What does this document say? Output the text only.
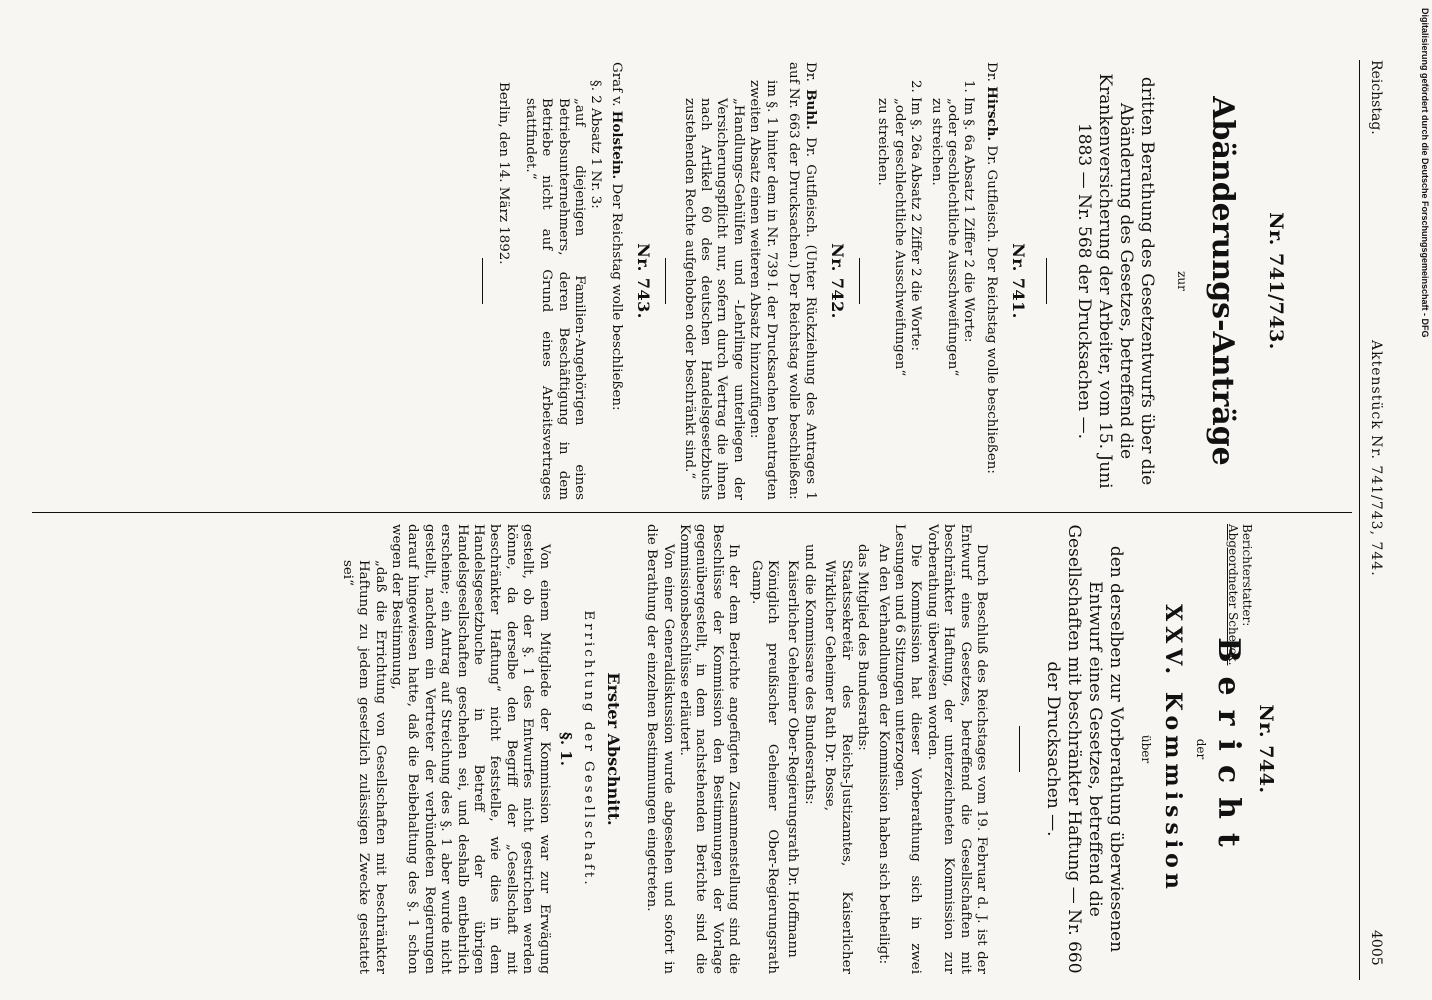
Reichstag.
Aktenstück Nr. 741/743, 744.
4005
Nr. 741/743.
Abänderungs-Anträge
zur
dritten Berathung des Gesetzentwurfs über die Abänderung des Gesetzes, betreffend die Krankenversicherung der Arbeiter, vom 15. Juni 1883 — Nr. 568 der Drucksachen —.
Nr. 741.

Dr. Hirsch. Dr. Gutfleisch. Der Reichstag wolle beschließen:

1. Im §. 6a Absatz 1 Ziffer 2 die Worte:

„oder geschlechtliche Ausschweifungen“

zu streichen.

2. Im §. 26a Absatz 2 Ziffer 2 die Worte:

„oder geschlechtliche Ausschweifungen“

zu streichen.

Nr. 742.

Dr. Buhl. Dr. Gutfleisch. (Unter Rückziehung des Antrages 1 auf Nr. 663 der Drucksachen.) Der Reichstag wolle beschließen:

im §. 1 hinter dem in Nr. 739 I. der Drucksachen beantragten zweiten Absatz einen weiteren Absatz hinzuzufügen:

„Handlungs-Gehülfen und -Lehrlinge unterliegen der Versicherungspflicht nur, sofern durch Vertrag die ihnen nach Artikel 60 des deutschen Handelsgesetzbuchs zustehenden Rechte aufgehoben oder beschränkt sind.“

Nr. 743.

Graf v. Holstein. Der Reichstag wolle beschließen:

§. 2 Absatz 1 Nr. 3:

„auf diejenigen Familien-Angehörigen eines Betriebsunternehmers, deren Beschäftigung in dem Betriebe nicht auf Grund eines Arbeitsvertrages stattfindet.“

Berlin, den 14. März 1892.

Berichterstatter:
Abgeordneter Scherck.
Nr. 744.
Bericht
der
XXV. Kommission
über
den derselben zur Vorberathung überwiesenen Entwurf eines Gesetzes, betreffend die Gesellschaften mit beschränkter Haftung — Nr. 660 der Drucksachen —.

Durch Beschluß des Reichstages vom 19. Februar d. J. ist der Entwurf eines Gesetzes, betreffend die Gesellschaften mit beschränkter Haftung, der unterzeichneten Kommission zur Vorberathung überwiesen worden.

Die Kommission hat dieser Vorberathung sich in zwei Lesungen und 6 Sitzungen unterzogen.

An den Verhandlungen der Kommission haben sich betheiligt:

das Mitglied des Bundesraths:

Staatssekretär des Reichs-Justizamtes, Kaiserlicher Wirklicher Geheimer Rath Dr. Bosse,

und die Kommissare des Bundesraths:

Kaiserlicher Geheimer Ober-Regierungsrath Dr. Hoffmann

Königlich preußischer Geheimer Ober-Regierungsrath Gamp.

In der dem Berichte angefügten Zusammenstellung sind die Beschlüsse der Kommission den Bestimmungen der Vorlage gegenübergestellt, in dem nachstehenden Berichte sind die Kommissionsbeschlüsse erläutert.

Von einer Generaldiskussion wurde abgesehen und sofort in die Berathung der einzelnen Bestimmungen eingetreten.

Erster Abschnitt.
Errichtung der Gesellschaft.
§. 1.

Von einem Mitgliede der Kommission war zur Erwägung gestellt, ob der §. 1 des Entwurfes nicht gestrichen werden könne, da derselbe den Begriff der „Gesellschaft mit beschränkter Haftung“ nicht feststelle, wie dies in dem Handelsgesetzbuche in Betreff der übrigen Handelsgesellschaften geschehen sei, und deshalb entbehrlich erscheine; ein Antrag auf Streichung des §. 1 aber wurde nicht gestellt, nachdem ein Vertreter der verbündeten Regierungen darauf hingewiesen hatte, daß die Beibehaltung des §. 1 schon wegen der Bestimmung,

„daß die Errichtung von Gesellschaften mit beschränkter Haftung zu jedem gesetzlich zulässigen Zwecke gestattet sei“

Digitalisierung gefördert durch die Deutsche Forschungsgemeinschaft - DFG
